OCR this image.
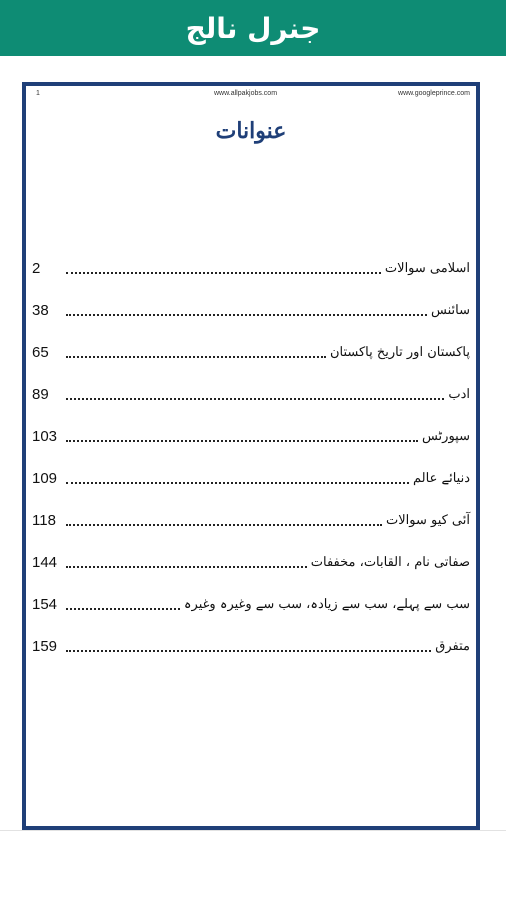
جنرل نالج
1	www.allpakjobs.com	www.googleprince.com
عنوانات
2	اسلامی سوالات
38	سائنس
65	پاکستان اور تاریخ پاکستان
89	ادب
103	سپورٹس
109	دنیائے عالم
118	آئی کیو سوالات
144	صفاتی نام ، القابات، مخففات
154	سب سے پہلے، سب سے زیادہ، سب سے وغیرہ وغیرہ
159	متفرق
